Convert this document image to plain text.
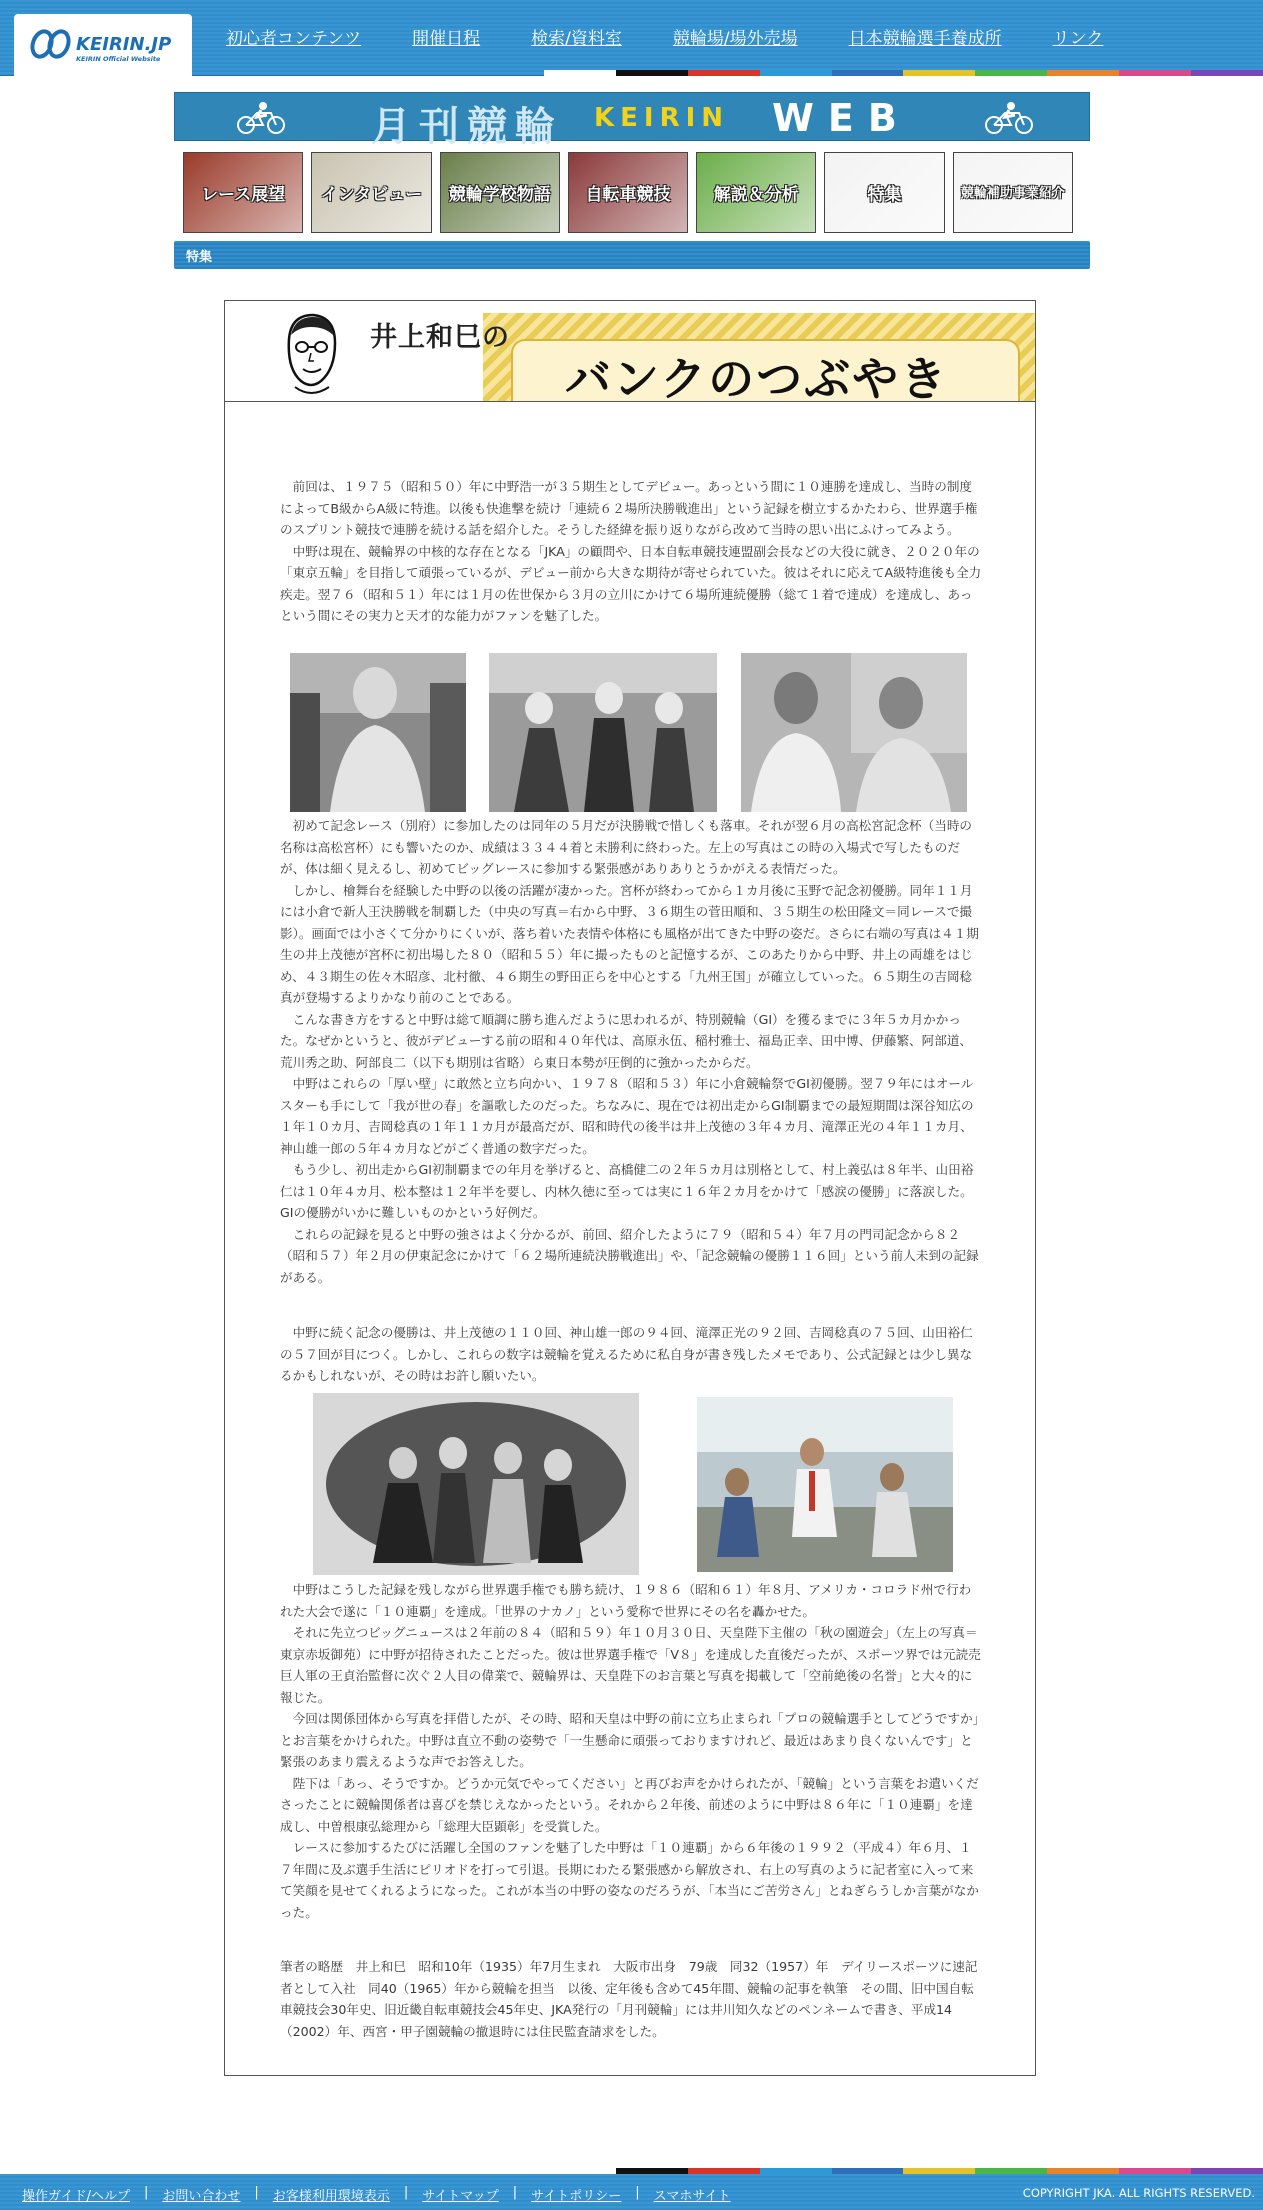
KEIRIN.JP
KEIRIN Official Website
初心者コンテンツ	開催日程	検索/資料室	競輪場/場外売場	日本競輪選手養成所	リンク
月刊競輪 KEIRIN WEB
レース展望	インタビュー	競輪学校物語	自転車競技	解説＆分析	特集	競輪補助事業紹介
特集
井上和巳の
バンクのつぶやき

前回は、１９７５（昭和５０）年に中野浩一が３５期生としてデビュー。あっという間に１０連勝を達成し、当時の制度によってB級からA級に特進。以後も快進撃を続け「連続６２場所決勝戦進出」という記録を樹立するかたわら、世界選手権のスプリント競技で連勝を続ける話を紹介した。そうした経緯を振り返りながら改めて当時の思い出にふけってみよう。

中野は現在、競輪界の中核的な存在となる「JKA」の顧問や、日本自転車競技連盟副会長などの大役に就き、２０２０年の「東京五輪」を目指して頑張っているが、デビュー前から大きな期待が寄せられていた。彼はそれに応えてA級特進後も全力疾走。翌７６（昭和５１）年には１月の佐世保から３月の立川にかけて６場所連続優勝（総て１着で達成）を達成し、あっという間にその実力と天才的な能力がファンを魅了した。

初めて記念レース（別府）に参加したのは同年の５月だが決勝戦で惜しくも落車。それが翌６月の高松宮記念杯（当時の名称は高松宮杯）にも響いたのか、成績は３３４４着と未勝利に終わった。左上の写真はこの時の入場式で写したものだが、体は細く見えるし、初めてビッグレースに参加する緊張感がありありとうかがえる表情だった。

しかし、檜舞台を経験した中野の以後の活躍が凄かった。宮杯が終わってから１カ月後に玉野で記念初優勝。同年１１月には小倉で新人王決勝戦を制覇した（中央の写真＝右から中野、３６期生の菅田順和、３５期生の松田隆文＝同レースで撮影）。画面では小さくて分かりにくいが、落ち着いた表情や体格にも風格が出てきた中野の姿だ。さらに右端の写真は４１期生の井上茂徳が宮杯に初出場した８０（昭和５５）年に撮ったものと記憶するが、このあたりから中野、井上の両雄をはじめ、４３期生の佐々木昭彦、北村徹、４６期生の野田正らを中心とする「九州王国」が確立していった。６５期生の吉岡稔真が登場するよりかなり前のことである。

こんな書き方をすると中野は総て順調に勝ち進んだように思われるが、特別競輪（GI）を獲るまでに３年５カ月かかった。なぜかというと、彼がデビューする前の昭和４０年代は、高原永伍、稲村雅士、福島正幸、田中博、伊藤繁、阿部道、荒川秀之助、阿部良二（以下も期別は省略）ら東日本勢が圧倒的に強かったからだ。

中野はこれらの「厚い壁」に敢然と立ち向かい、１９７８（昭和５３）年に小倉競輪祭でGI初優勝。翌７９年にはオールスターも手にして「我が世の春」を謳歌したのだった。ちなみに、現在では初出走からGI制覇までの最短期間は深谷知広の１年１０カ月、吉岡稔真の１年１１カ月が最高だが、昭和時代の後半は井上茂徳の３年４カ月、滝澤正光の４年１１カ月、神山雄一郎の５年４カ月などがごく普通の数字だった。

もう少し、初出走からGI初制覇までの年月を挙げると、高橋健二の２年５カ月は別格として、村上義弘は８年半、山田裕仁は１０年４カ月、松本整は１２年半を要し、内林久徳に至っては実に１６年２カ月をかけて「感涙の優勝」に落涙した。GIの優勝がいかに難しいものかという好例だ。

これらの記録を見ると中野の強さはよく分かるが、前回、紹介したように７９（昭和５４）年７月の門司記念から８２（昭和５７）年２月の伊東記念にかけて「６２場所連続決勝戦進出」や、「記念競輪の優勝１１６回」という前人未到の記録がある。

中野に続く記念の優勝は、井上茂徳の１１０回、神山雄一郎の９４回、滝澤正光の９２回、吉岡稔真の７５回、山田裕仁の５７回が目につく。しかし、これらの数字は競輪を覚えるために私自身が書き残したメモであり、公式記録とは少し異なるかもしれないが、その時はお許し願いたい。

中野はこうした記録を残しながら世界選手権でも勝ち続け、１９８６（昭和６１）年８月、アメリカ・コロラド州で行われた大会で遂に「１０連覇」を達成。「世界のナカノ」という愛称で世界にその名を轟かせた。

それに先立つビッグニュースは２年前の８４（昭和５９）年１０月３０日、天皇陛下主催の「秋の園遊会」（左上の写真＝東京赤坂御苑）に中野が招待されたことだった。彼は世界選手権で「V８」を達成した直後だったが、スポーツ界では元読売巨人軍の王貞治監督に次ぐ２人目の偉業で、競輪界は、天皇陛下のお言葉と写真を掲載して「空前絶後の名誉」と大々的に報じた。

今回は関係団体から写真を拝借したが、その時、昭和天皇は中野の前に立ち止まられ「プロの競輪選手としてどうですか」とお言葉をかけられた。中野は直立不動の姿勢で「一生懸命に頑張っておりますけれど、最近はあまり良くないんです」と緊張のあまり震えるような声でお答えした。

陛下は「あっ、そうですか。どうか元気でやってください」と再びお声をかけられたが、「競輪」という言葉をお遣いくださったことに競輪関係者は喜びを禁じえなかったという。それから２年後、前述のように中野は８６年に「１０連覇」を達成し、中曽根康弘総理から「総理大臣顕彰」を受賞した。

レースに参加するたびに活躍し全国のファンを魅了した中野は「１０連覇」から６年後の１９９２（平成４）年６月、１７年間に及ぶ選手生活にピリオドを打って引退。長期にわたる緊張感から解放され、右上の写真のように記者室に入って来て笑顔を見せてくれるようになった。これが本当の中野の姿なのだろうが、「本当にご苦労さん」とねぎらうしか言葉がなかった。

筆者の略歴　井上和巳　昭和10年（1935）年7月生まれ　大阪市出身　79歳　同32（1957）年　デイリースポーツに速記者として入社　同40（1965）年から競輪を担当　以後、定年後も含めて45年間、競輪の記事を執筆　その間、旧中国自転車競技会30年史、旧近畿自転車競技会45年史、JKA発行の「月刊競輪」には井川知久などのペンネームで書き、平成14（2002）年、西宮・甲子園競輪の撤退時には住民監査請求をした。
操作ガイド/ヘルプ | お問い合わせ | お客様利用環境表示 | サイトマップ | サイトポリシー | スマホサイト	COPYRIGHT JKA. ALL RIGHTS RESERVED.
